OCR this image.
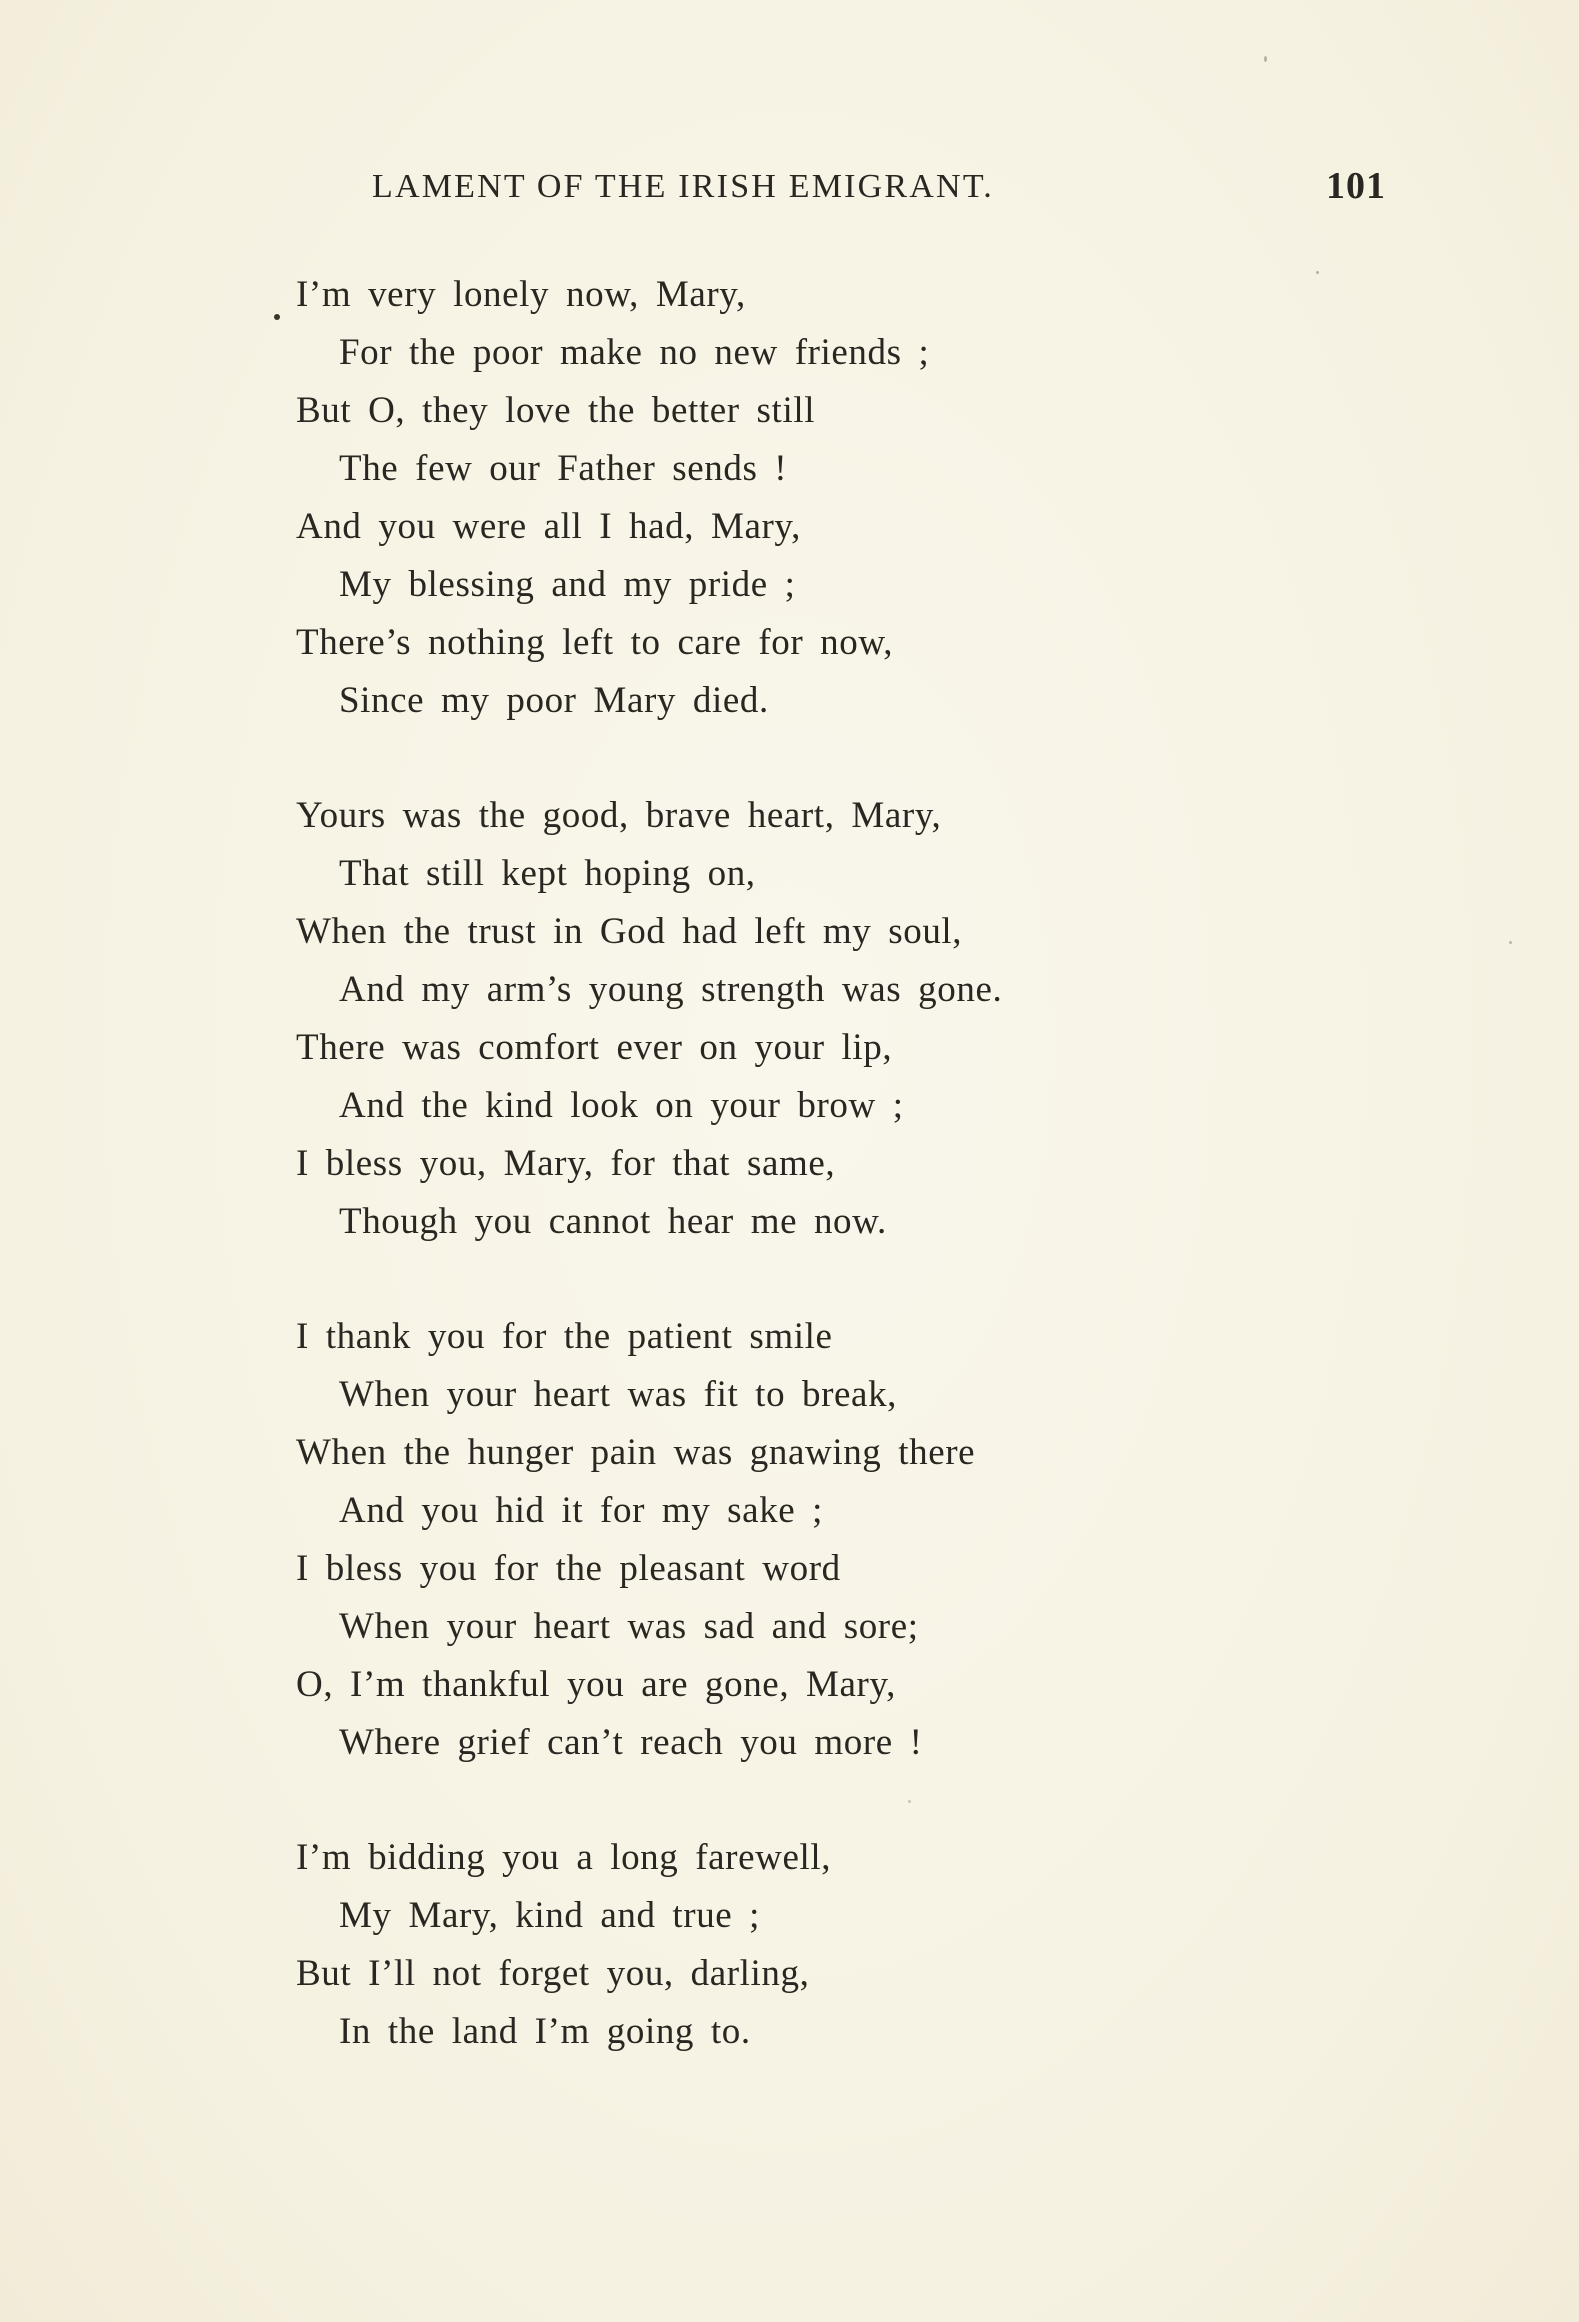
LAMENT OF THE IRISH EMIGRANT.	101
I’m very lonely now, Mary,
For the poor make no new friends ;
But O, they love the better still
The few our Father sends !
And you were all I had, Mary,
My blessing and my pride ;
There’s nothing left to care for now,
Since my poor Mary died.
Yours was the good, brave heart, Mary,
That still kept hoping on,
When the trust in God had left my soul,
And my arm’s young strength was gone.
There was comfort ever on your lip,
And the kind look on your brow ;
I bless you, Mary, for that same,
Though you cannot hear me now.
I thank you for the patient smile
When your heart was fit to break,
When the hunger pain was gnawing there
And you hid it for my sake ;
I bless you for the pleasant word
When your heart was sad and sore;
O, I’m thankful you are gone, Mary,
Where grief can’t reach you more !
I’m bidding you a long farewell,
My Mary, kind and true ;
But I’ll not forget you, darling,
In the land I’m going to.
